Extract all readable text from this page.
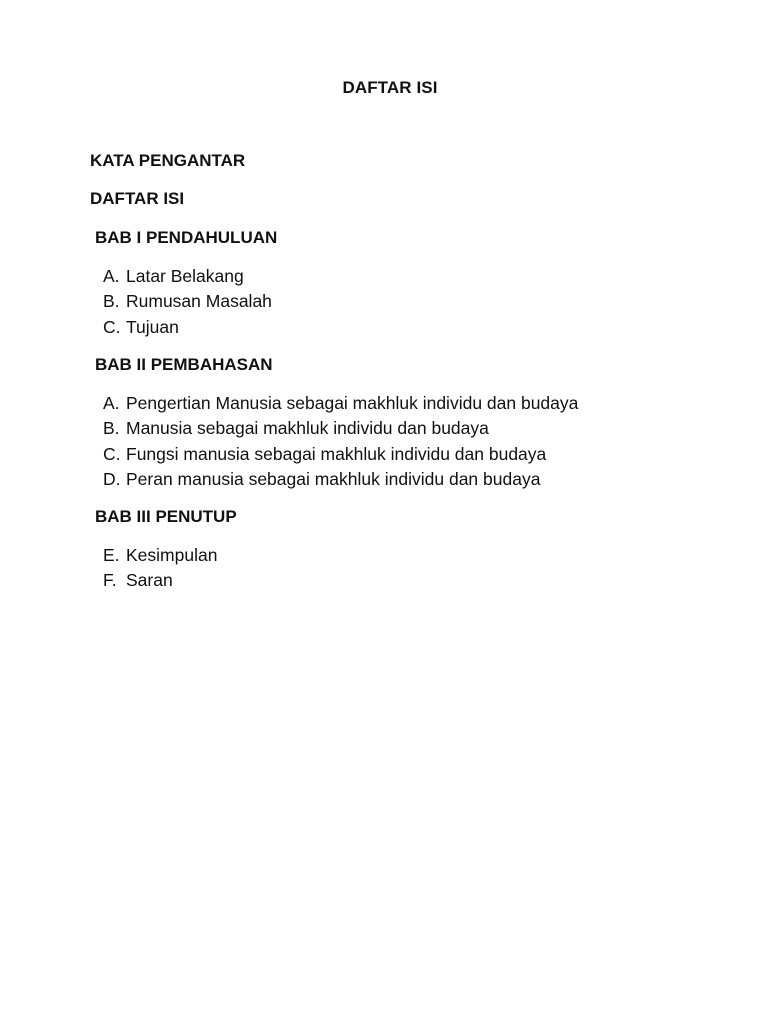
DAFTAR ISI
KATA PENGANTAR
DAFTAR ISI
BAB I PENDAHULUAN
A. Latar Belakang
B. Rumusan Masalah
C. Tujuan
BAB II PEMBAHASAN
A. Pengertian Manusia sebagai makhluk individu dan budaya
B. Manusia sebagai makhluk individu dan budaya
C. Fungsi manusia sebagai makhluk individu dan budaya
D. Peran manusia sebagai makhluk individu dan budaya
BAB III PENUTUP
E. Kesimpulan
F. Saran
